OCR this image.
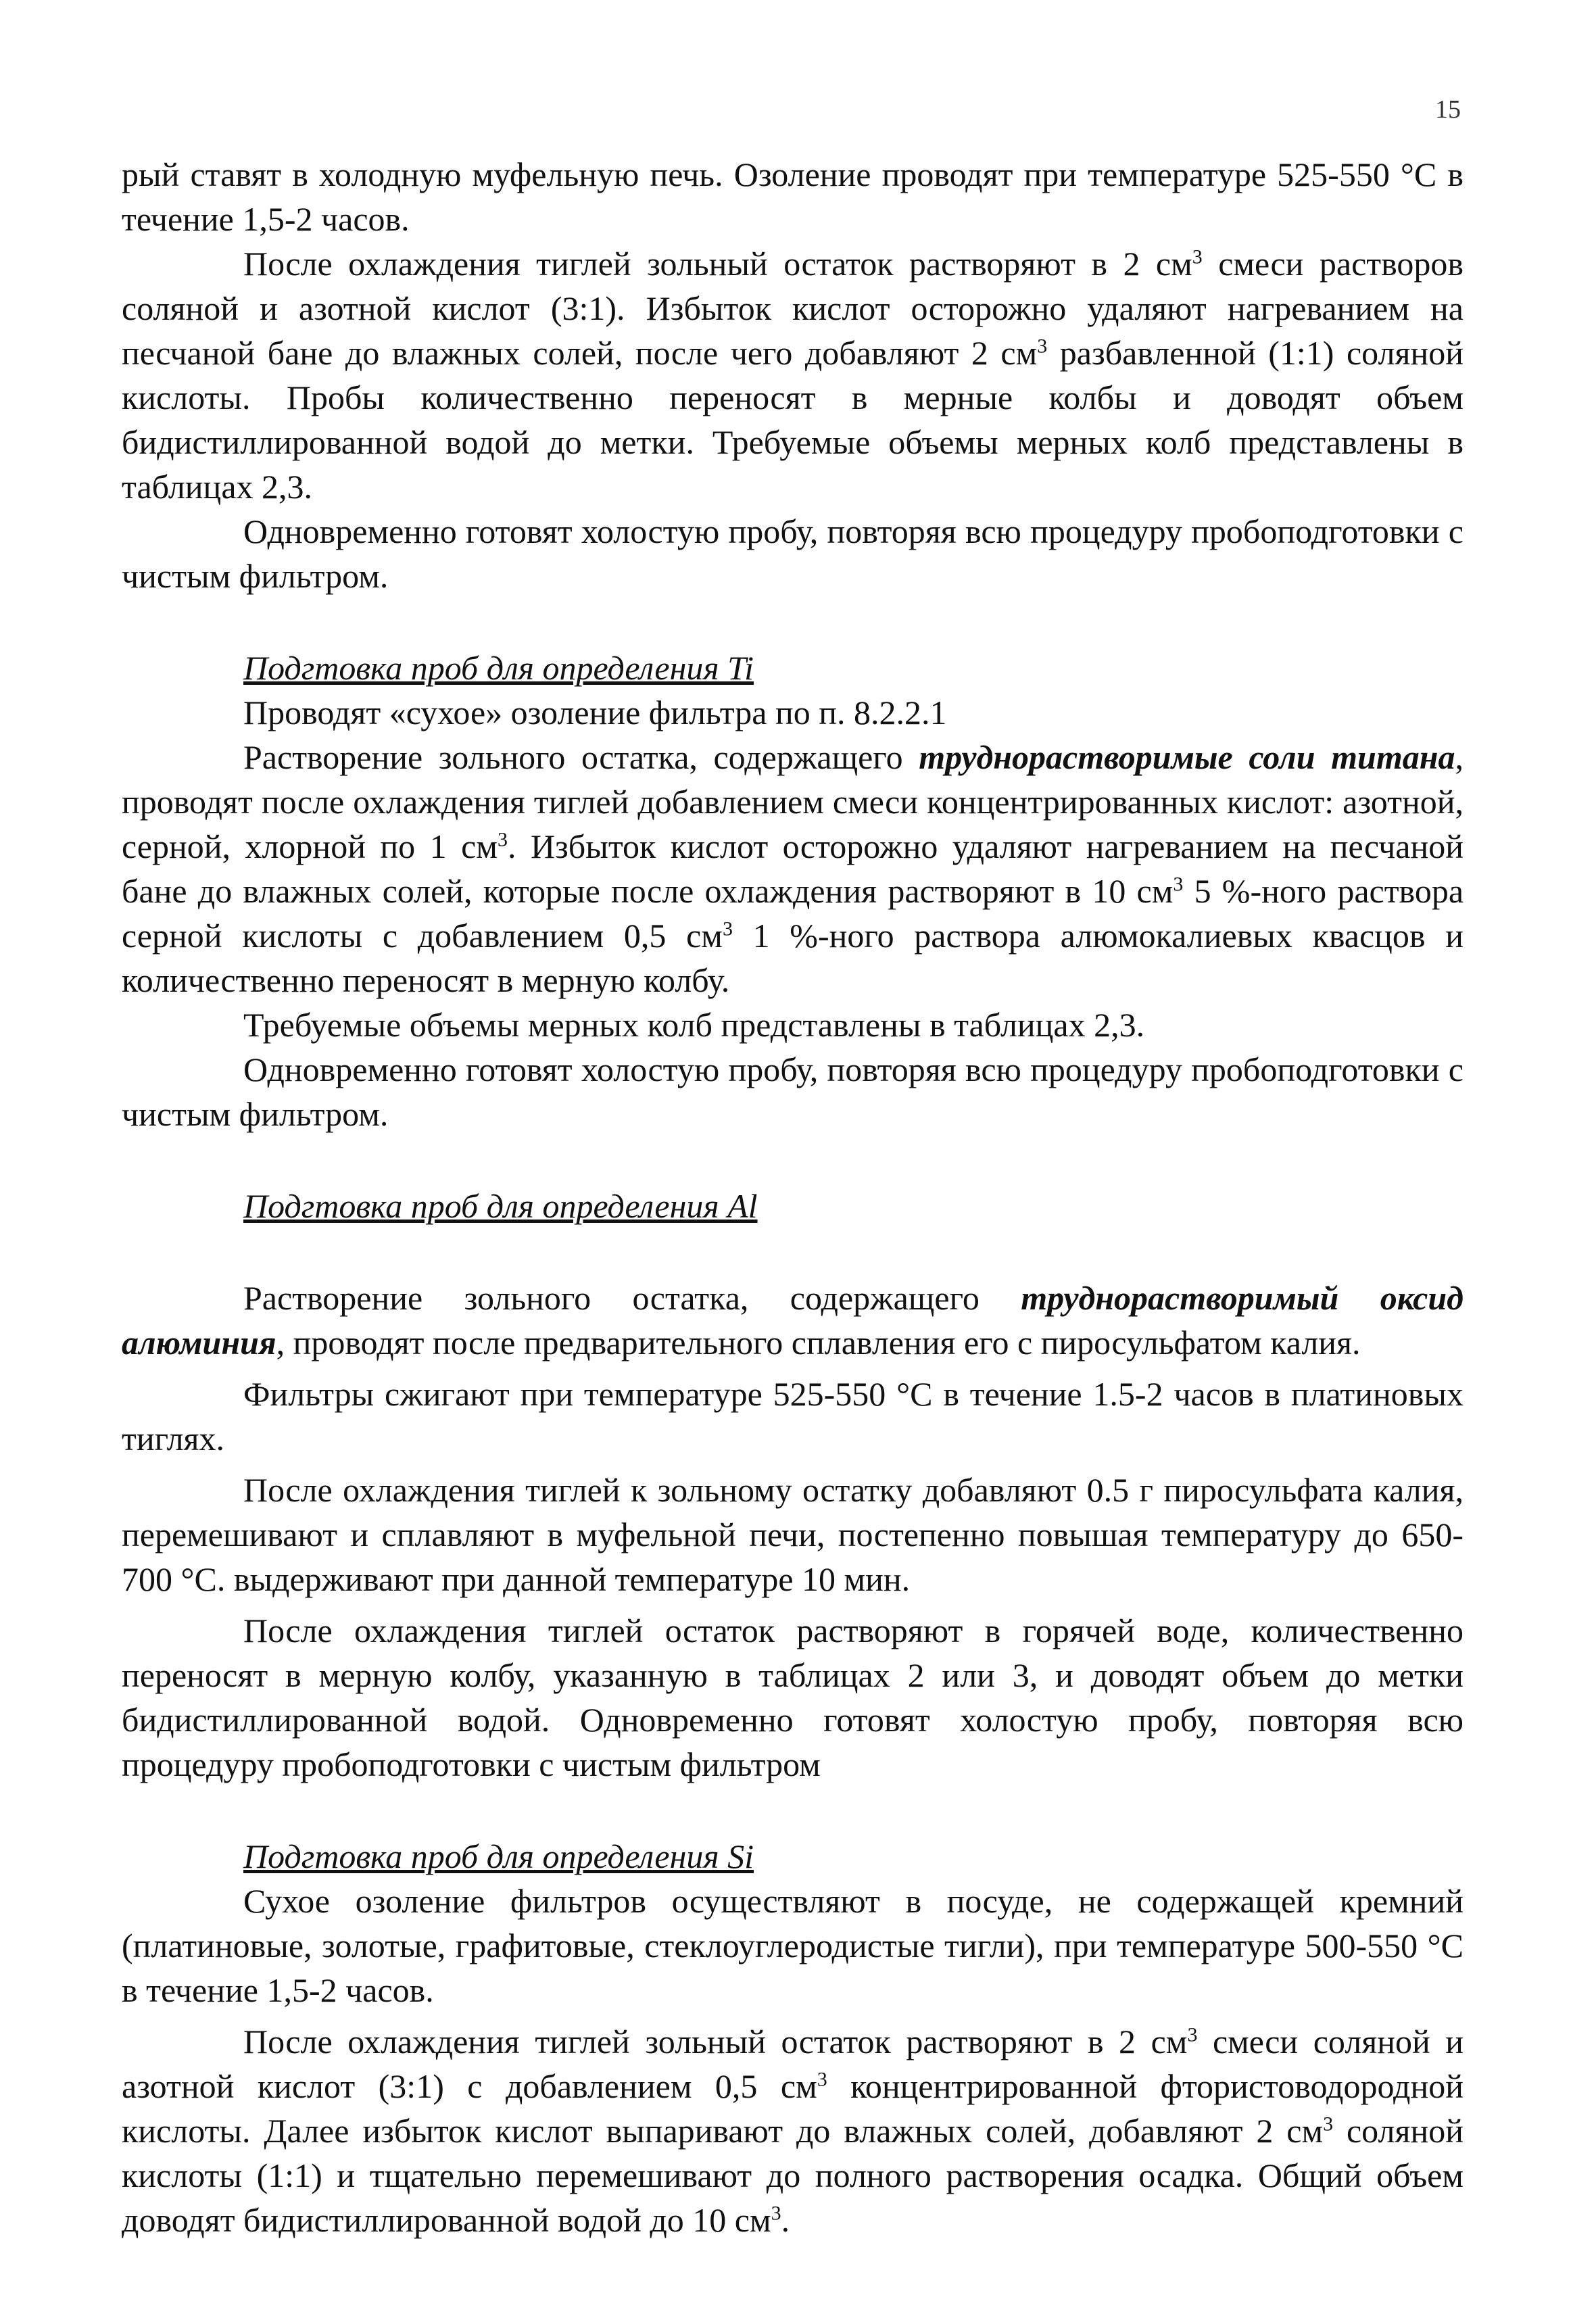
15

рый ставят в холодную муфельную печь. Озоление проводят при температуре 525-550 °С в течение 1,5-2 часов.

После охлаждения тиглей зольный остаток растворяют в 2 $см^3$ смеси растворов соляной и азотной кислот (3:1). Избыток кислот осторожно удаляют нагреванием на песчаной бане до влажных солей, после чего добавляют 2 $см^3$ разбавленной (1:1) соляной кислоты. Пробы количественно переносят в мерные колбы и доводят объем бидистиллированной водой до метки. Требуемые объемы мерных колб представлены в таблицах 2,3.

Одновременно готовят холостую пробу, повторяя всю процедуру пробоподготовки с чистым фильтром.

Подгтовка проб для определения Ti

Проводят «сухое» озоление фильтра по п. 8.2.2.1

Растворение зольного остатка, содержащего труднорастворимые соли титана, проводят после охлаждения тиглей добавлением смеси концентрированных кислот: азотной, серной, хлорной по 1 $см^3$. Избыток кислот осторожно удаляют нагреванием на песчаной бане до влажных солей, которые после охлаждения растворяют в 10 $см^3$ 5 %-ного раствора серной кислоты с добавлением 0,5 $см^3$ 1 %-ного раствора алюмокалиевых квасцов и количественно переносят в мерную колбу.

Требуемые объемы мерных колб представлены в таблицах 2,3.

Одновременно готовят холостую пробу, повторяя всю процедуру пробоподготовки с чистым фильтром.

Подгтовка проб для определения Al

Растворение зольного остатка, содержащего труднорастворимый оксид алюминия, проводят после предварительного сплавления его с пиросульфатом калия.

Фильтры сжигают при температуре 525-550 °С в течение 1.5-2 часов в платиновых тиглях.

После охлаждения тиглей к зольному остатку добавляют 0.5 г пиросульфата калия, перемешивают и сплавляют в муфельной печи, постепенно повышая температуру до 650-700 °С. выдерживают при данной температуре 10 мин.

После охлаждения тиглей остаток растворяют в горячей воде, количественно переносят в мерную колбу, указанную в таблицах 2 или 3, и доводят объем до метки бидистиллированной водой. Одновременно готовят холостую пробу, повторяя всю процедуру пробоподготовки с чистым фильтром

Подгтовка проб для определения Si

Сухое озоление фильтров осуществляют в посуде, не содержащей кремний (платиновые, золотые, графитовые, стеклоуглеродистые тигли), при температуре 500-550 °С в течение 1,5-2 часов.

После охлаждения тиглей зольный остаток растворяют в 2 $см^3$ смеси соляной и азотной кислот (3:1) с добавлением 0,5 $см^3$ концентрированной фтористоводородной кислоты. Далее избыток кислот выпаривают до влажных солей, добавляют 2 $см^3$ соляной кислоты (1:1) и тщательно перемешивают до полного растворения осадка. Общий объем доводят бидистиллированной водой до 10 $см^3$.
